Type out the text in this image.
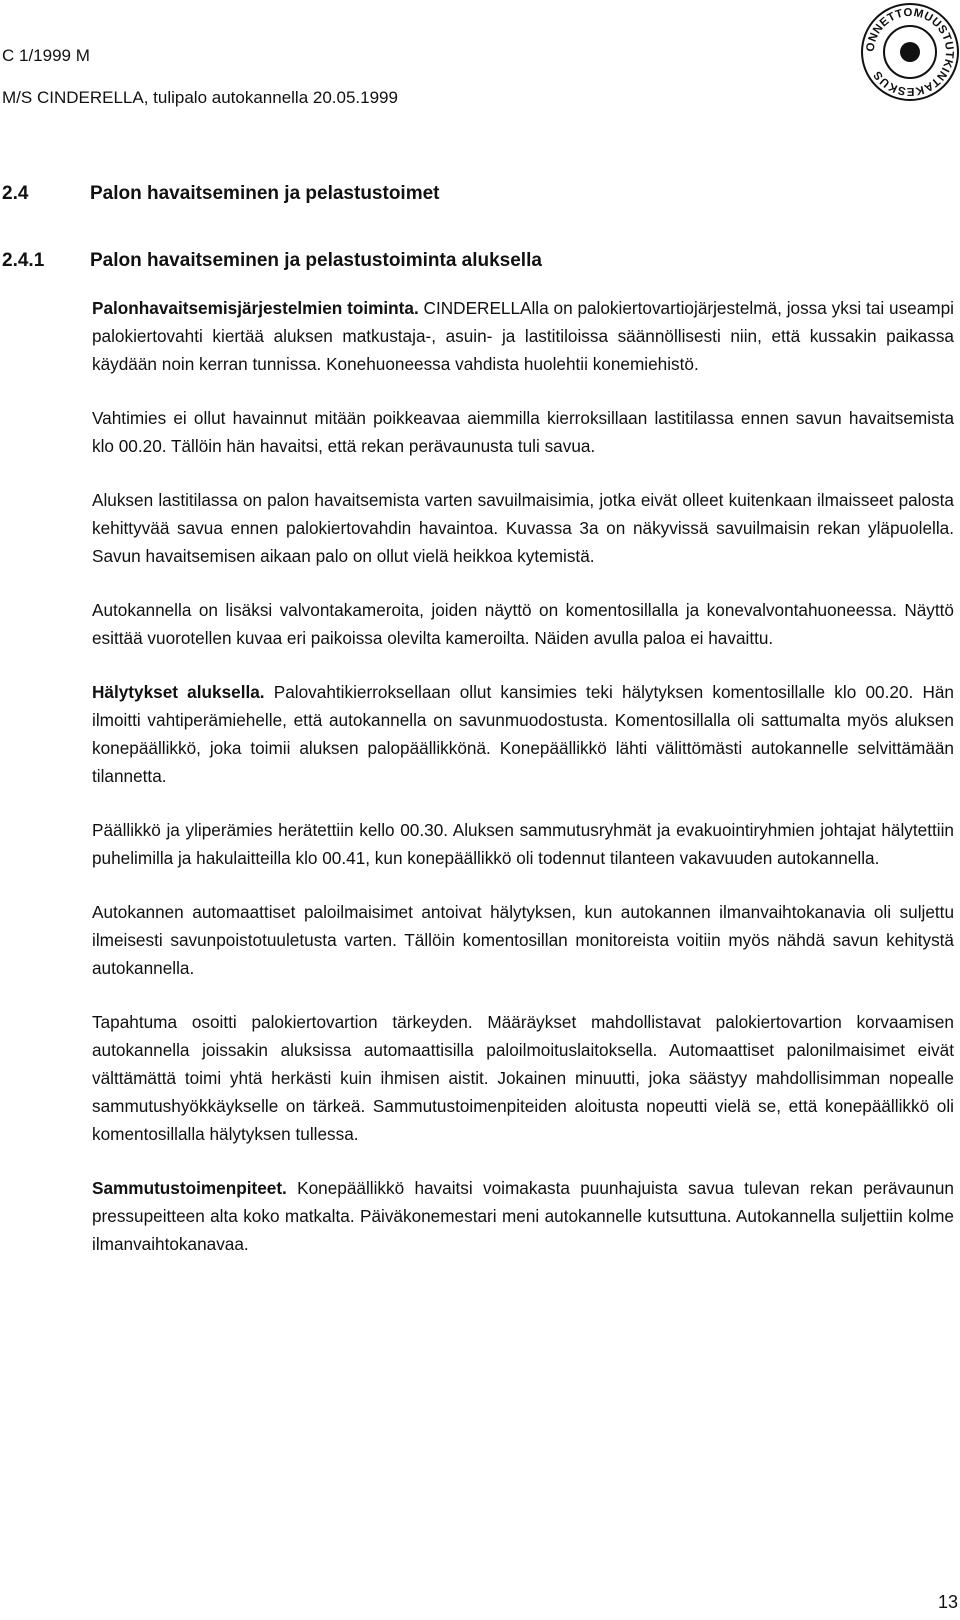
C 1/1999 M
M/S CINDERELLA, tulipalo autokannella 20.05.1999
ONNETTOMUUSTUTKINTAKESKUS
2.4	Palon havaitseminen ja pelastustoimet
2.4.1 Palon havaitseminen ja pelastustoiminta aluksella

Palonhavaitsemisjärjestelmien toiminta. CINDERELLAlla on palokiertovartiojärjestelmä, jossa yksi tai useampi palokiertovahti kiertää aluksen matkustaja-, asuin- ja lastitiloissa säännöllisesti niin, että kussakin paikassa käydään noin kerran tunnissa. Konehuoneessa vahdista huolehtii konemiehistö.

Vahtimies ei ollut havainnut mitään poikkeavaa aiemmilla kierroksillaan lastitilassa ennen savun havaitsemista klo 00.20. Tällöin hän havaitsi, että rekan perävaunusta tuli savua.

Aluksen lastitilassa on palon havaitsemista varten savuilmaisimia, jotka eivät olleet kuitenkaan ilmaisseet palosta kehittyvää savua ennen palokiertovahdin havaintoa. Kuvassa 3a on näkyvissä savuilmaisin rekan yläpuolella. Savun havaitsemisen aikaan palo on ollut vielä heikkoa kytemistä.

Autokannella on lisäksi valvontakameroita, joiden näyttö on komentosillalla ja konevalvontahuoneessa. Näyttö esittää vuorotellen kuvaa eri paikoissa olevilta kameroilta. Näiden avulla paloa ei havaittu.

Hälytykset aluksella. Palovahtikierroksellaan ollut kansimies teki hälytyksen komentosillalle klo 00.20. Hän ilmoitti vahtiperämiehelle, että autokannella on savunmuodostusta. Komentosillalla oli sattumalta myös aluksen konepäällikkö, joka toimii aluksen palopäällikkönä. Konepäällikkö lähti välittömästi autokannelle selvittämään tilannetta.

Päällikkö ja yliperämies herätettiin kello 00.30. Aluksen sammutusryhmät ja evakuointiryhmien johtajat hälytettiin puhelimilla ja hakulaitteilla klo 00.41, kun konepäällikkö oli todennut tilanteen vakavuuden autokannella.

Autokannen automaattiset paloilmaisimet antoivat hälytyksen, kun autokannen ilmanvaihtokanavia oli suljettu ilmeisesti savunpoistotuuletusta varten. Tällöin komentosillan monitoreista voitiin myös nähdä savun kehitystä autokannella.

Tapahtuma osoitti palokiertovartion tärkeyden. Määräykset mahdollistavat palokiertovartion korvaamisen autokannella joissakin aluksissa automaattisilla paloilmoituslaitoksella. Automaattiset palonilmaisimet eivät välttämättä toimi yhtä herkästi kuin ihmisen aistit. Jokainen minuutti, joka säästyy mahdollisimman nopealle sammutushyökkäykselle on tärkeä. Sammutustoimenpiteiden aloitusta nopeutti vielä se, että konepäällikkö oli komentosillalla hälytyksen tullessa.

Sammutustoimenpiteet. Konepäällikkö havaitsi voimakasta puunhajuista savua tulevan rekan perävaunun pressupeitteen alta koko matkalta. Päiväkonemestari meni autokannelle kutsuttuna. Autokannella suljettiin kolme ilmanvaihtokanavaa.

13
